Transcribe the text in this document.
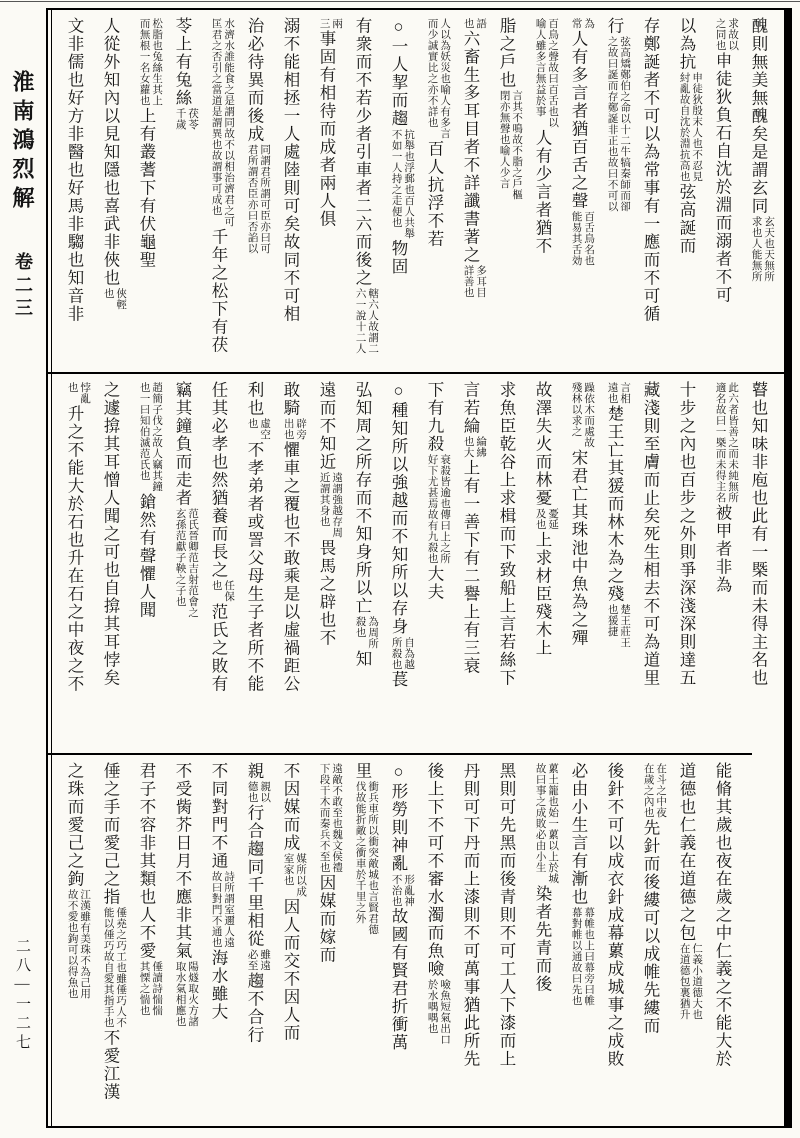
淮南鴻烈解
卷二三
二八—一二七
醜則無美無醜矣是謂玄同
玄天也天無所
求也人能無所
求故以
之同也
申徒狄負石自沈於淵而溺者不可
以為抗
申徒狄殷末人也不忍見
紂亂故自沈於淵抗高也
弦高誕而
存鄭誕者不可以為常事有一應而不可循
行
弦高矯鄭伯之命以十二牛犒秦師而卻
之故曰誕而存鄭誕非正也故曰不可以
為
常
人有多言者猶百舌之聲
百舌鳥名也
能易其舌効
百鳥之聲故曰百舌也以
喻人雖多言無益於事
人有少言者猶不
脂之戶也
言其不鳴故不脂之戶樞
閉亦無聲也喻人少言
語
也
六畜生多耳目者不詳讖書著之
多耳目
詳善也
人以為妖災也喻人有多言
而少誠實比之亦不詳也
百人抗浮不若
○一人挈而趨
抗舉也浮郵也百人共舉
不如一人持之走便也
物固
有衆而不若少者引車者二六而後之
轄六人故謂二
六一說十二人
兩
三
事固有相待而成者兩人俱
溺不能相拯一人處陸則可矣故同不可相
治必待異而後成
同謂君所謂可臣亦曰可
君所謂否臣亦曰否諂以
水濟水誰能食之是謂同故不以相治濟君之可
匡君之否引之當道是謂異也故謂事可成也
千年之松下有茯苓上有兔絲
茯苓
千歲
松脂也兔絲生其上
而無根一名女蘿也
上有叢蓍下有伏龜聖
人從外知內以見知隱也喜武非俠也
俠輕
也
文非儒也好方非醫也好馬非騶也知音非
瞽也知味非庖也此有一槩而未得主名也
此六者皆善之而未純無所
適名故曰一槩而未得主名
被甲者非為
十步之內也百步之外則爭深淺深則達五
藏淺則至膚而止矣死生相去不可為道里
言相
遠也
楚王亡其猨而林木為之殘
楚王莊王
也猨捷
躁依木而處故
殘林以求之
宋君亡其珠池中魚為之殫
故澤失火而林憂
憂延
及也
上求材臣殘木上
求魚臣乾谷上求楫而下致船上言若絲下
言若綸
綸紼
也大
上有一善下有二譽上有三衰
下有九殺
衰殺皆逾也傳曰上之所
好下尤甚焉故有九殺也
大夫
○種知所以強越而不知所以存身
自為越
所殺也
萇
弘知周之所存而不知身所以亡
為周所
殺也
知
遠而不知近
遠謂強越存周
近謂其身也
畏馬之辟也不
敢騎
辟旁
出也
懼車之覆也不敢乘是以虛禍距公
利也
虛空
也
不孝弟者或詈父母生子者所不能
任其必孝也然猶養而長之
任保
也
范氏之敗有
竊其鐘負而走者
范氏晉卿范吉射范會之
玄孫范獻子鞅之子也
趙簡子伐之故人竊其鐘
也一曰知伯滅范氏也
鎗然有聲懼人聞
之遽揜其耳憎人聞之可也自揜其耳悖矣
悖亂
也
升之不能大於石也升在石之中夜之不
能脩其歲也夜在歲之中仁義之不能大於
道德也仁義在道德之包
仁義小道德大也
在道德包裏猶升
在斗之中夜
在歲之內也
先針而後縷可以成帷先縷而
後針不可以成衣針成幕蔂成城事之成敗
必由小生言有漸也
幕帷也上曰幕旁曰帷
幕對帷以通故曰先也
蔂土籠也始一蔂以上於城
故曰事之成敗必由小生
染者先青而後
黑則可先黑而後青則不可工人下漆而上
丹則可下丹而上漆則不可萬事猶此所先
後上下不可不審水濁而魚噞
噞魚短氣出口
於水喁喁也
○形勞則神亂
形亂神
不治也
故國有賢君折衝萬
里
衝兵車所以衝突敵城也言賢君德
伐故能折敵之衝車於千里之外
遠敵不敢至也魏文侯禮
下段干木而秦兵不至也
因媒而嫁而
不因媒而成
媒所以成
室家也
因人而交不因人而
親
親以
德也
行合趨同千里相從
雖遠
必至
趨不合行
不同對門不通
詩所謂室邇人遠
故曰對門不通也
海水雖大
不受胔芥日月不應非其氣
陽燧取火方諸
取水氣相應也
君子不容非其類也人不愛
倕讀詩惴惴
其慄之惴也
倕之手而愛己之指
倕堯之巧工也雖倕巧人不
能以倕巧故自愛其指手也
不愛江漢
之珠而愛己之鉤
江漢雖有美珠不為己用
故不愛也鉤可以得魚也
